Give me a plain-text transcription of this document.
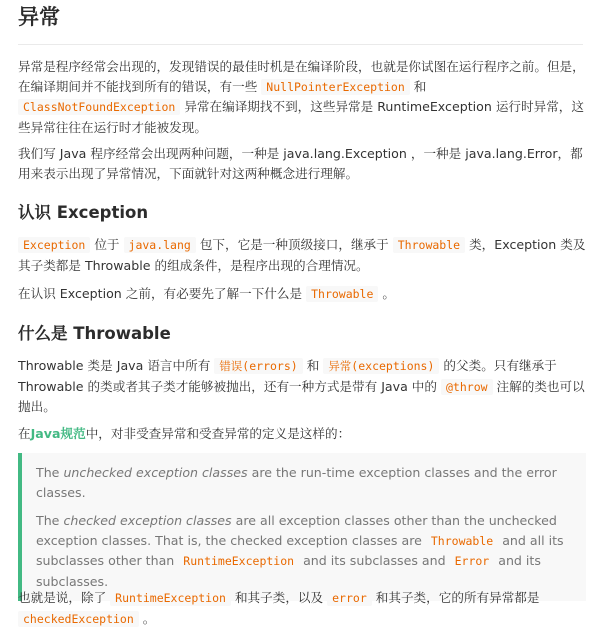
异常

异常是程序经常会出现的，发现错误的最佳时机是在编译阶段，也就是你试图在运行程序之前。但是，在编译期间并不能找到所有的错误，有一些 NullPointerException 和 ClassNotFoundException 异常在编译期找不到，这些异常是 RuntimeException 运行时异常，这些异常往往在运行时才能被发现。

我们写 Java 程序经常会出现两种问题，一种是 java.lang.Exception ，一种是 java.lang.Error，都用来表示出现了异常情况，下面就针对这两种概念进行理解。

认识 Exception

Exception 位于 java.lang 包下，它是一种顶级接口，继承于 Throwable 类，Exception 类及其子类都是 Throwable 的组成条件，是程序出现的合理情况。

在认识 Exception 之前，有必要先了解一下什么是 Throwable 。

什么是 Throwable

Throwable 类是 Java 语言中所有 错误(errors) 和 异常(exceptions) 的父类。只有继承于 Throwable 的类或者其子类才能够被抛出，还有一种方式是带有 Java 中的 @throw 注解的类也可以抛出。

在Java规范中，对非受查异常和受查异常的定义是这样的：

The unchecked exception classes are the run-time exception classes and the error classes.

The checked exception classes are all exception classes other than the unchecked exception classes. That is, the checked exception classes are Throwable and all its subclasses other than RuntimeException and its subclasses and Error and its subclasses.

也就是说，除了 RuntimeException 和其子类，以及 error 和其子类，它的所有异常都是 checkedException 。
